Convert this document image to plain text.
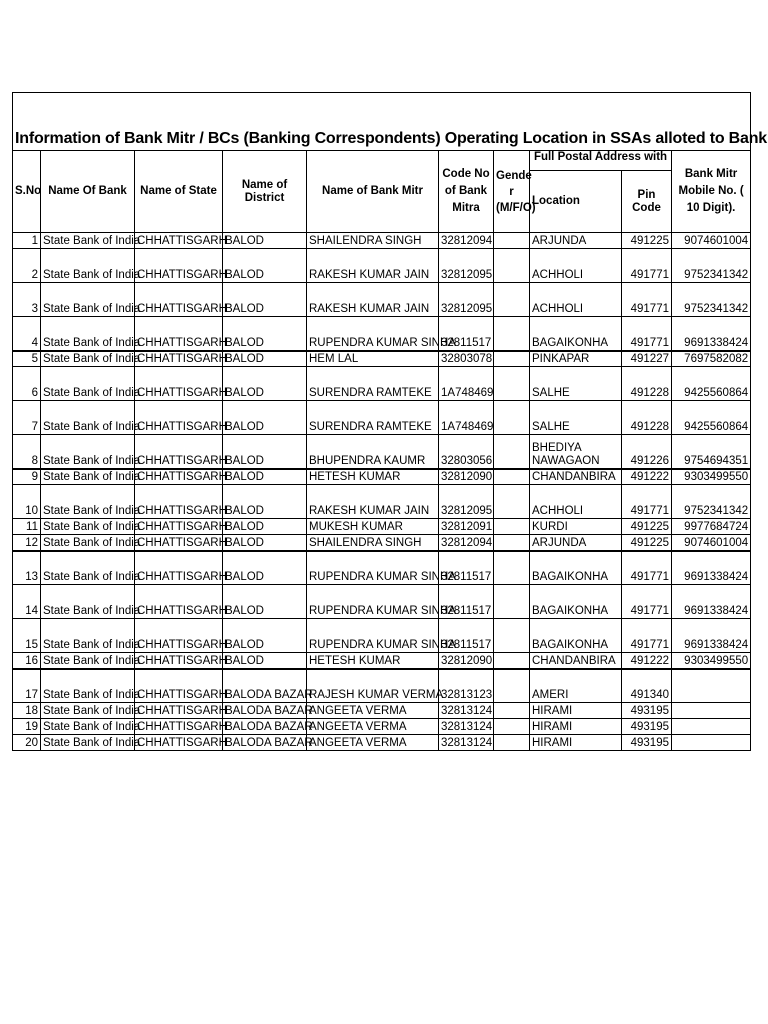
Information of Bank Mitr / BCs (Banking Correspondents) Operating Location in SSAs alloted to Bank									
S.No	Name Of Bank	Name of State	Name of District	Name of Bank Mitr	Code No of Bank Mitra	Gende r (M/F/O)	Full Postal Address with		Bank Mitr Mobile No. ( 10 Digit).
							Location	Pin Code	
1	State Bank of India	CHHATTISGARH	BALOD	SHAILENDRA SINGH	32812094		ARJUNDA	491225	9074601004
2	State Bank of India	CHHATTISGARH	BALOD	RAKESH KUMAR JAIN	32812095		ACHHOLI	491771	9752341342
3	State Bank of India	CHHATTISGARH	BALOD	RAKESH KUMAR JAIN	32812095		ACHHOLI	491771	9752341342
4	State Bank of India	CHHATTISGARH	BALOD	RUPENDRA KUMAR SINHA	32811517		BAGAIKONHA	491771	9691338424
5	State Bank of India	CHHATTISGARH	BALOD	HEM LAL	32803078		PINKAPAR	491227	7697582082
6	State Bank of India	CHHATTISGARH	BALOD	SURENDRA RAMTEKE	1A748469		SALHE	491228	9425560864
7	State Bank of India	CHHATTISGARH	BALOD	SURENDRA RAMTEKE	1A748469		SALHE	491228	9425560864
8	State Bank of India	CHHATTISGARH	BALOD	BHUPENDRA KAUMR	32803056		BHEDIYA NAWAGAON	491226	9754694351
9	State Bank of India	CHHATTISGARH	BALOD	HETESH KUMAR	32812090		CHANDANBIRA	491222	9303499550
10	State Bank of India	CHHATTISGARH	BALOD	RAKESH KUMAR JAIN	32812095		ACHHOLI	491771	9752341342
11	State Bank of India	CHHATTISGARH	BALOD	MUKESH KUMAR	32812091		KURDI	491225	9977684724
12	State Bank of India	CHHATTISGARH	BALOD	SHAILENDRA SINGH	32812094		ARJUNDA	491225	9074601004
13	State Bank of India	CHHATTISGARH	BALOD	RUPENDRA KUMAR SINHA	32811517		BAGAIKONHA	491771	9691338424
14	State Bank of India	CHHATTISGARH	BALOD	RUPENDRA KUMAR SINHA	32811517		BAGAIKONHA	491771	9691338424
15	State Bank of India	CHHATTISGARH	BALOD	RUPENDRA KUMAR SINHA	32811517		BAGAIKONHA	491771	9691338424
16	State Bank of India	CHHATTISGARH	BALOD	HETESH KUMAR	32812090		CHANDANBIRA	491222	9303499550
17	State Bank of India	CHHATTISGARH	BALODA BAZAR	RAJESH KUMAR VERMA	32813123		AMERI	491340	
18	State Bank of India	CHHATTISGARH	BALODA BAZAR	ANGEETA VERMA	32813124		HIRAMI	493195	
19	State Bank of India	CHHATTISGARH	BALODA BAZAR	ANGEETA VERMA	32813124		HIRAMI	493195	
20	State Bank of India	CHHATTISGARH	BALODA BAZAR	ANGEETA VERMA	32813124		HIRAMI	493195	
